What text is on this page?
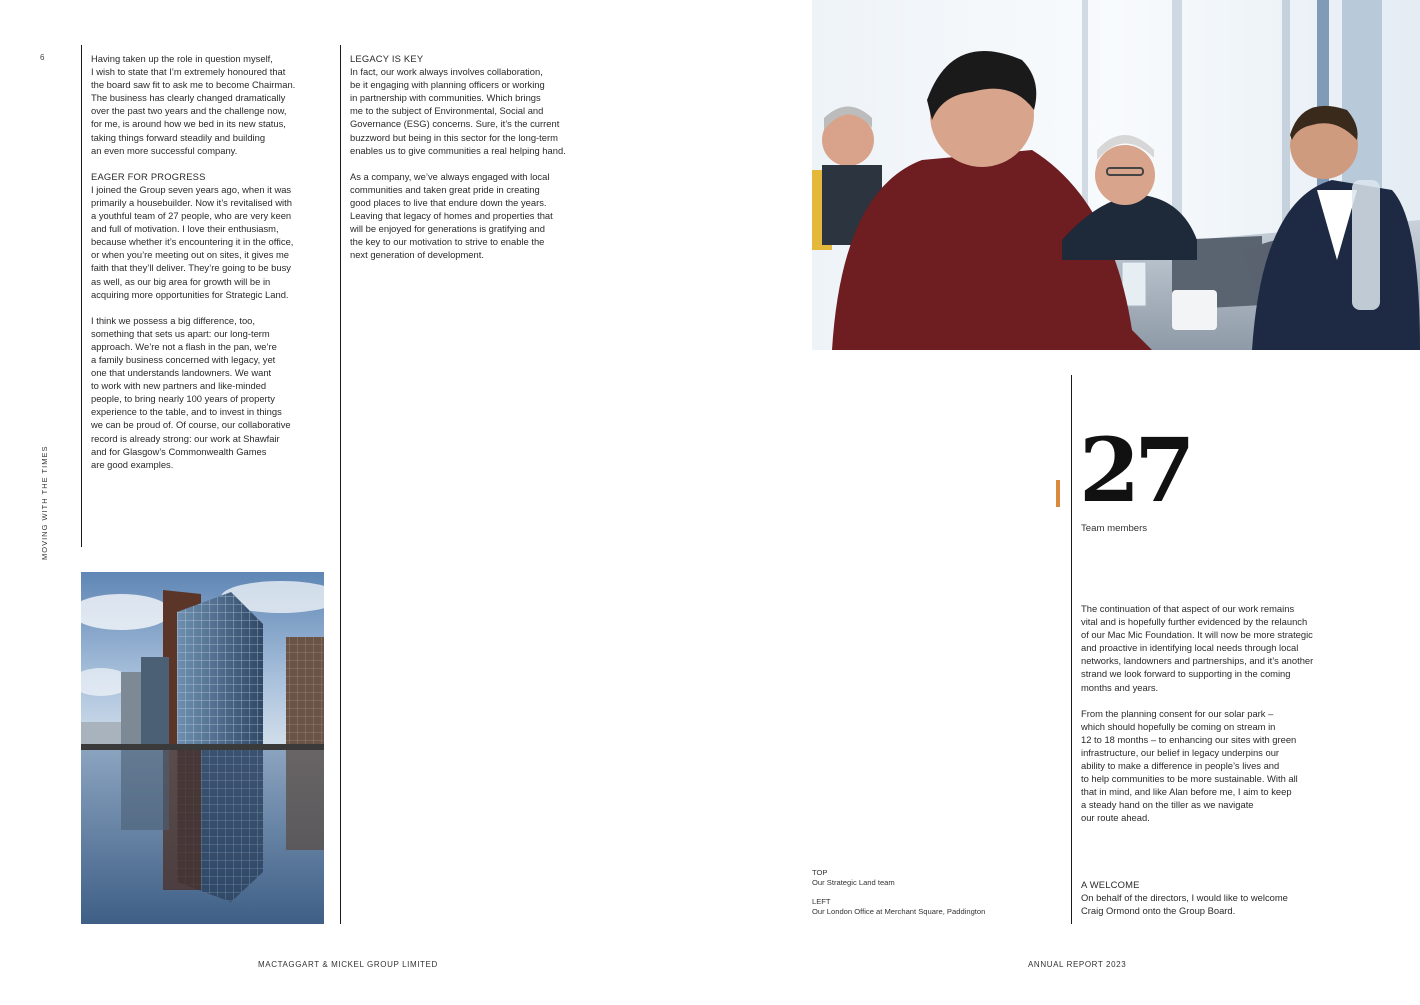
6
MOVING WITH THE TIMES

Having taken up the role in question myself,
I wish to state that I’m extremely honoured that
the board saw fit to ask me to become Chairman.
The business has clearly changed dramatically
over the past two years and the challenge now,
for me, is around how we bed in its new status,
taking things forward steadily and building
an even more successful company.

EAGER FOR PROGRESS

I joined the Group seven years ago, when it was
primarily a housebuilder. Now it’s revitalised with
a youthful team of 27 people, who are very keen
and full of motivation. I love their enthusiasm,
because whether it’s encountering it in the office,
or when you’re meeting out on sites, it gives me
faith that they’ll deliver. They’re going to be busy
as well, as our big area for growth will be in
acquiring more opportunities for Strategic Land.

I think we possess a big difference, too,
something that sets us apart: our long-term
approach. We’re not a flash in the pan, we’re
a family business concerned with legacy, yet
one that understands landowners. We want
to work with new partners and like-minded
people, to bring nearly 100 years of property
experience to the table, and to invest in things
we can be proud of. Of course, our collaborative
record is already strong: our work at Shawfair
and for Glasgow’s Commonwealth Games
are good examples.

LEGACY IS KEY

In fact, our work always involves collaboration,
be it engaging with planning officers or working
in partnership with communities. Which brings
me to the subject of Environmental, Social and
Governance (ESG) concerns. Sure, it’s the current
buzzword but being in this sector for the long-term
enables us to give communities a real helping hand.

As a company, we’ve always engaged with local
communities and taken great pride in creating
good places to live that endure down the years.
Leaving that legacy of homes and properties that
will be enjoyed for generations is gratifying and
the key to our motivation to strive to enable the
next generation of development.

27
Team members

The continuation of that aspect of our work remains
vital and is hopefully further evidenced by the relaunch
of our Mac Mic Foundation. It will now be more strategic
and proactive in identifying local needs through local
networks, landowners and partnerships, and it’s another
strand we look forward to supporting in the coming
months and years.

From the planning consent for our solar park –
which should hopefully be coming on stream in
12 to 18 months – to enhancing our sites with green
infrastructure, our belief in legacy underpins our
ability to make a difference in people’s lives and
to help communities to be more sustainable. With all
that in mind, and like Alan before me, I aim to keep
a steady hand on the tiller as we navigate
our route ahead.

A WELCOME

On behalf of the directors, I would like to welcome
Craig Ormond onto the Group Board.

TOP
Our Strategic Land team
LEFT
Our London Office at Merchant Square, Paddington
MACTAGGART & MICKEL GROUP LIMITED	ANNUAL REPORT 2023
